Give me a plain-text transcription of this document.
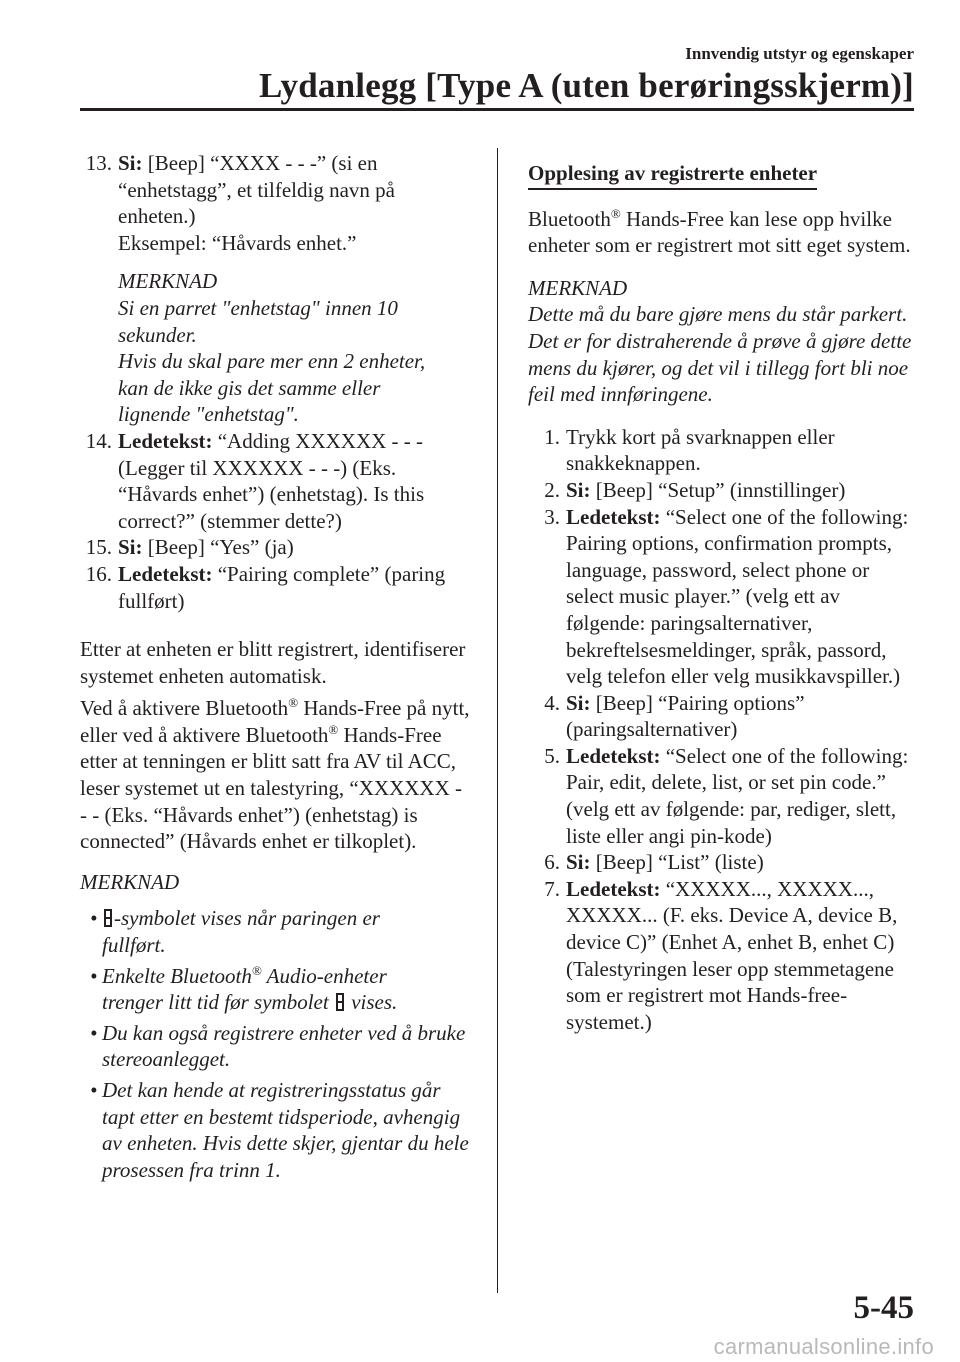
Innvendig utstyr og egenskaper
Lydanlegg [Type A (uten berøringsskjerm)]
13. Si: [Beep] “XXXX - - -” (si en
“enhetstagg”, et tilfeldig navn på
enheten.)
Eksempel: “Håvards enhet.”
MERKNAD
Si en parret "enhetstag" innen 10
sekunder.
Hvis du skal pare mer enn 2 enheter,
kan de ikke gis det samme eller
lignende "enhetstag".
14. Ledetekst: “Adding XXXXXX - - -
(Legger til XXXXXX - - -) (Eks.
“Håvards enhet”) (enhetstag). Is this
correct?” (stemmer dette?)
15. Si: [Beep] “Yes” (ja)
16. Ledetekst: “Pairing complete” (paring
fullført)

Etter at enheten er blitt registrert, identifiserer systemet enheten automatisk.

Ved å aktivere Bluetooth® Hands-Free på nytt, eller ved å aktivere Bluetooth® Hands-Free etter at tenningen er blitt satt fra AV til ACC, leser systemet ut en talestyring, “XXXXXX - - - (Eks. “Håvards enhet”) (enhetstag) is connected” (Håvards enhet er tilkoplet).

MERKNAD
• -symbolet vises når paringen er
fullført.
• Enkelte Bluetooth® Audio-enheter
trenger litt tid før symbolet  vises.
• Du kan også registrere enheter ved å bruke stereoanlegget.
• Det kan hende at registreringsstatus går tapt etter en bestemt tidsperiode, avhengig av enheten. Hvis dette skjer, gjentar du hele prosessen fra trinn 1.
Opplesing av registrerte enheter

Bluetooth® Hands-Free kan lese opp hvilke enheter som er registrert mot sitt eget system.

MERKNAD

Dette må du bare gjøre mens du står parkert. Det er for distraherende å prøve å gjøre dette mens du kjører, og det vil i tillegg fort bli noe feil med innføringene.

1. Trykk kort på svarknappen eller snakkeknappen.
2. Si: [Beep] “Setup” (innstillinger)
3. Ledetekst: “Select one of the following: Pairing options, confirmation prompts, language, password, select phone or select music player.” (velg ett av følgende: paringsalternativer, bekreftelsesmeldinger, språk, passord, velg telefon eller velg musikkavspiller.)
4. Si: [Beep] “Pairing options” (paringsalternativer)
5. Ledetekst: “Select one of the following: Pair, edit, delete, list, or set pin code.” (velg ett av følgende: par, rediger, slett, liste eller angi pin-kode)
6. Si: [Beep] “List” (liste)
7. Ledetekst: “XXXXX..., XXXXX..., XXXXX... (F. eks. Device A, device B, device C)” (Enhet A, enhet B, enhet C) (Talestyringen leser opp stemmetagene som er registrert mot Hands-free-systemet.)
5-45
carmanualsonline.info
